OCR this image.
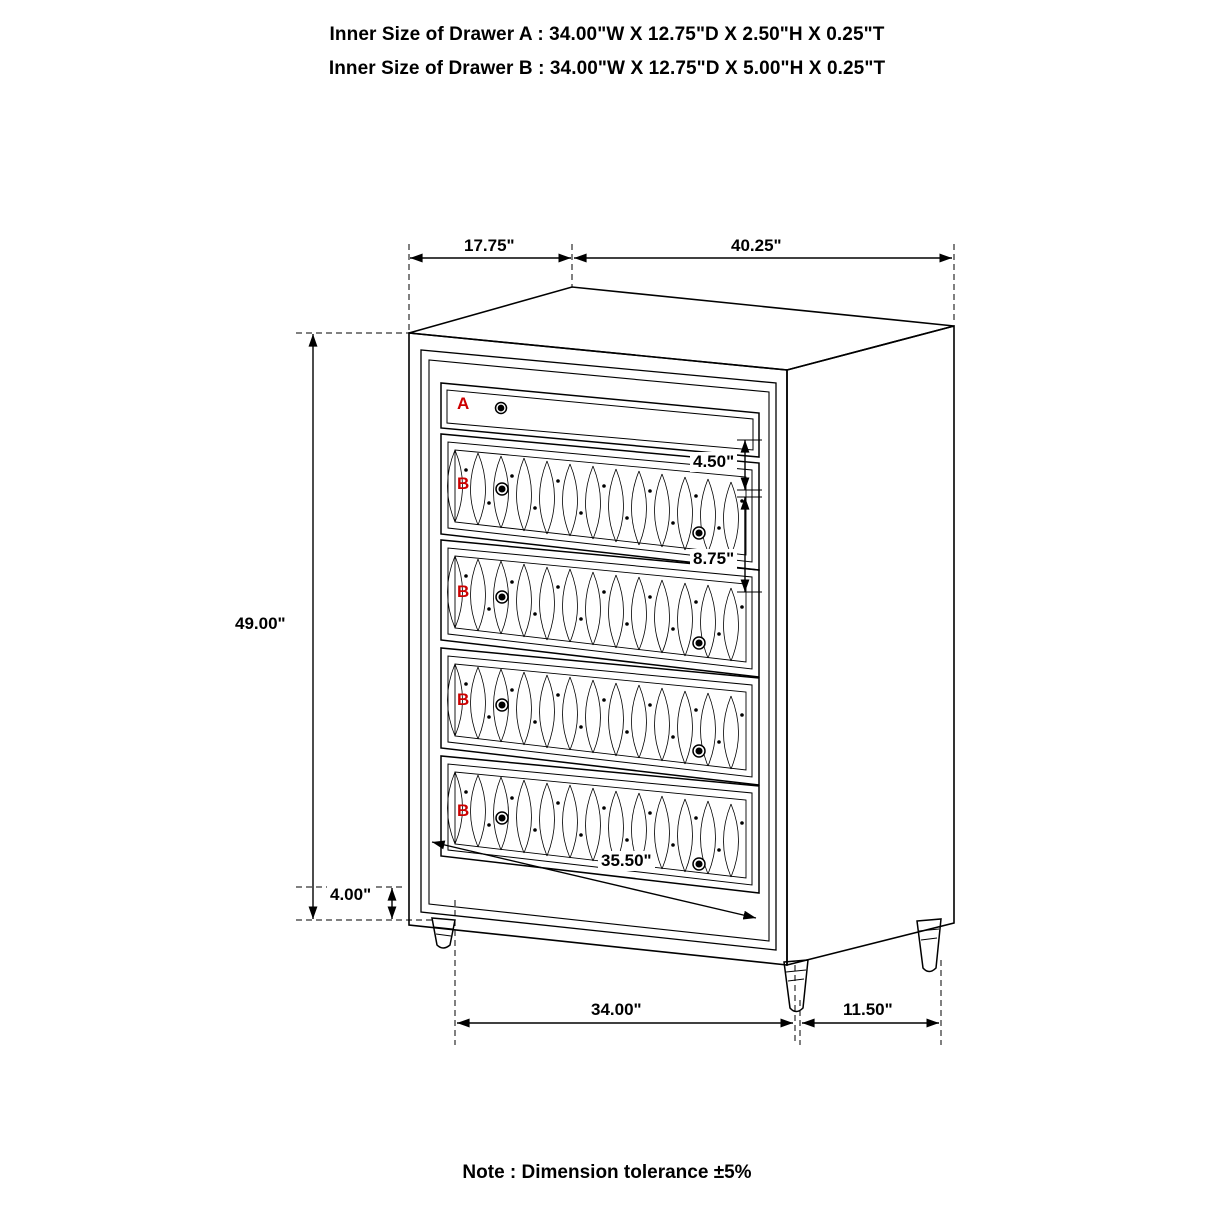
Inner Size of Drawer A : 34.00"W X 12.75"D X 2.50"H X 0.25"T
Inner Size of Drawer B : 34.00"W X 12.75"D X 5.00"H X 0.25"T
17.75"	40.25"
49.00"
4.00"
4.50"
8.75"
34.00"	11.50"
35.50"
A
B
B
B
B
Note : Dimension tolerance ±5%
